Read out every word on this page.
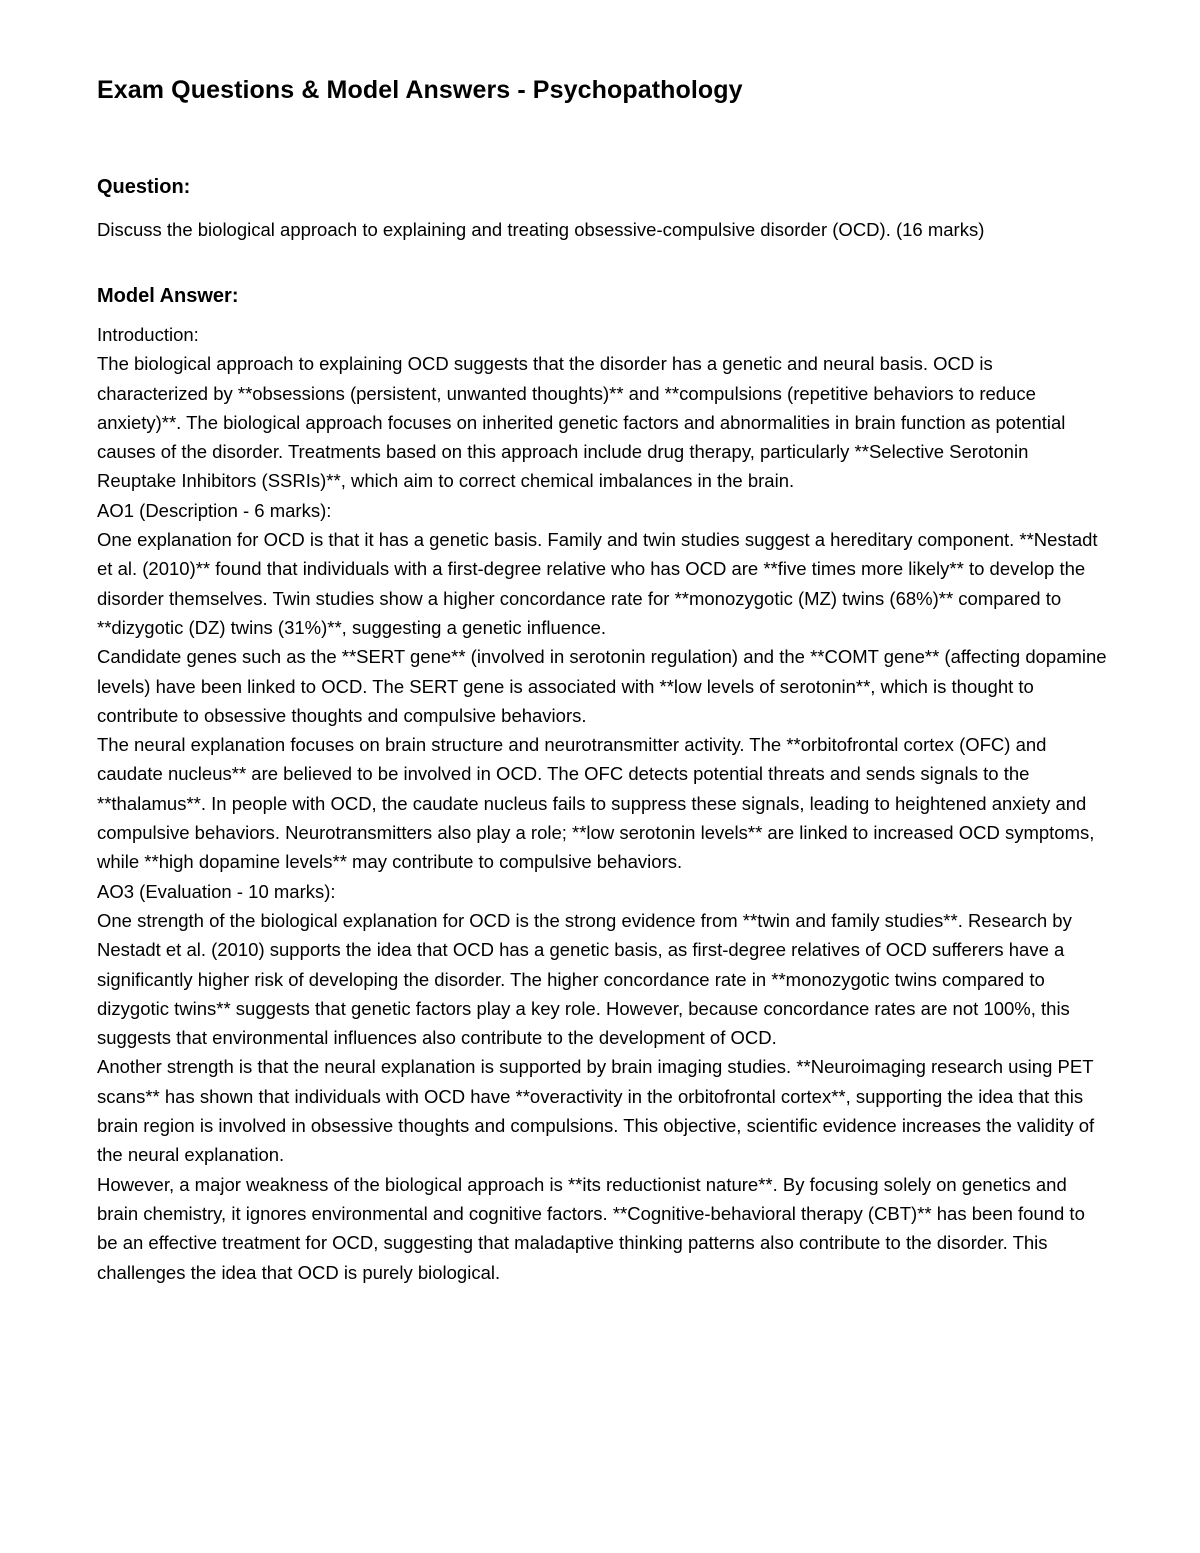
Exam Questions & Model Answers - Psychopathology
Question:

Discuss the biological approach to explaining and treating obsessive-compulsive disorder (OCD). (16 marks)

Model Answer:

Introduction:

The biological approach to explaining OCD suggests that the disorder has a genetic and neural basis. OCD is characterized by **obsessions (persistent, unwanted thoughts)** and **compulsions (repetitive behaviors to reduce anxiety)**. The biological approach focuses on inherited genetic factors and abnormalities in brain function as potential causes of the disorder. Treatments based on this approach include drug therapy, particularly **Selective Serotonin Reuptake Inhibitors (SSRIs)**, which aim to correct chemical imbalances in the brain.

AO1 (Description - 6 marks):

One explanation for OCD is that it has a genetic basis. Family and twin studies suggest a hereditary component. **Nestadt et al. (2010)** found that individuals with a first-degree relative who has OCD are **five times more likely** to develop the disorder themselves. Twin studies show a higher concordance rate for **monozygotic (MZ) twins (68%)** compared to **dizygotic (DZ) twins (31%)**, suggesting a genetic influence.

Candidate genes such as the **SERT gene** (involved in serotonin regulation) and the **COMT gene** (affecting dopamine levels) have been linked to OCD. The SERT gene is associated with **low levels of serotonin**, which is thought to contribute to obsessive thoughts and compulsive behaviors.

The neural explanation focuses on brain structure and neurotransmitter activity. The **orbitofrontal cortex (OFC) and caudate nucleus** are believed to be involved in OCD. The OFC detects potential threats and sends signals to the **thalamus**. In people with OCD, the caudate nucleus fails to suppress these signals, leading to heightened anxiety and compulsive behaviors. Neurotransmitters also play a role; **low serotonin levels** are linked to increased OCD symptoms, while **high dopamine levels** may contribute to compulsive behaviors.

AO3 (Evaluation - 10 marks):

One strength of the biological explanation for OCD is the strong evidence from **twin and family studies**. Research by Nestadt et al. (2010) supports the idea that OCD has a genetic basis, as first-degree relatives of OCD sufferers have a significantly higher risk of developing the disorder. The higher concordance rate in **monozygotic twins compared to dizygotic twins** suggests that genetic factors play a key role. However, because concordance rates are not 100%, this suggests that environmental influences also contribute to the development of OCD.

Another strength is that the neural explanation is supported by brain imaging studies. **Neuroimaging research using PET scans** has shown that individuals with OCD have **overactivity in the orbitofrontal cortex**, supporting the idea that this brain region is involved in obsessive thoughts and compulsions. This objective, scientific evidence increases the validity of the neural explanation.

However, a major weakness of the biological approach is **its reductionist nature**. By focusing solely on genetics and brain chemistry, it ignores environmental and cognitive factors. **Cognitive-behavioral therapy (CBT)** has been found to be an effective treatment for OCD, suggesting that maladaptive thinking patterns also contribute to the disorder. This challenges the idea that OCD is purely biological.
